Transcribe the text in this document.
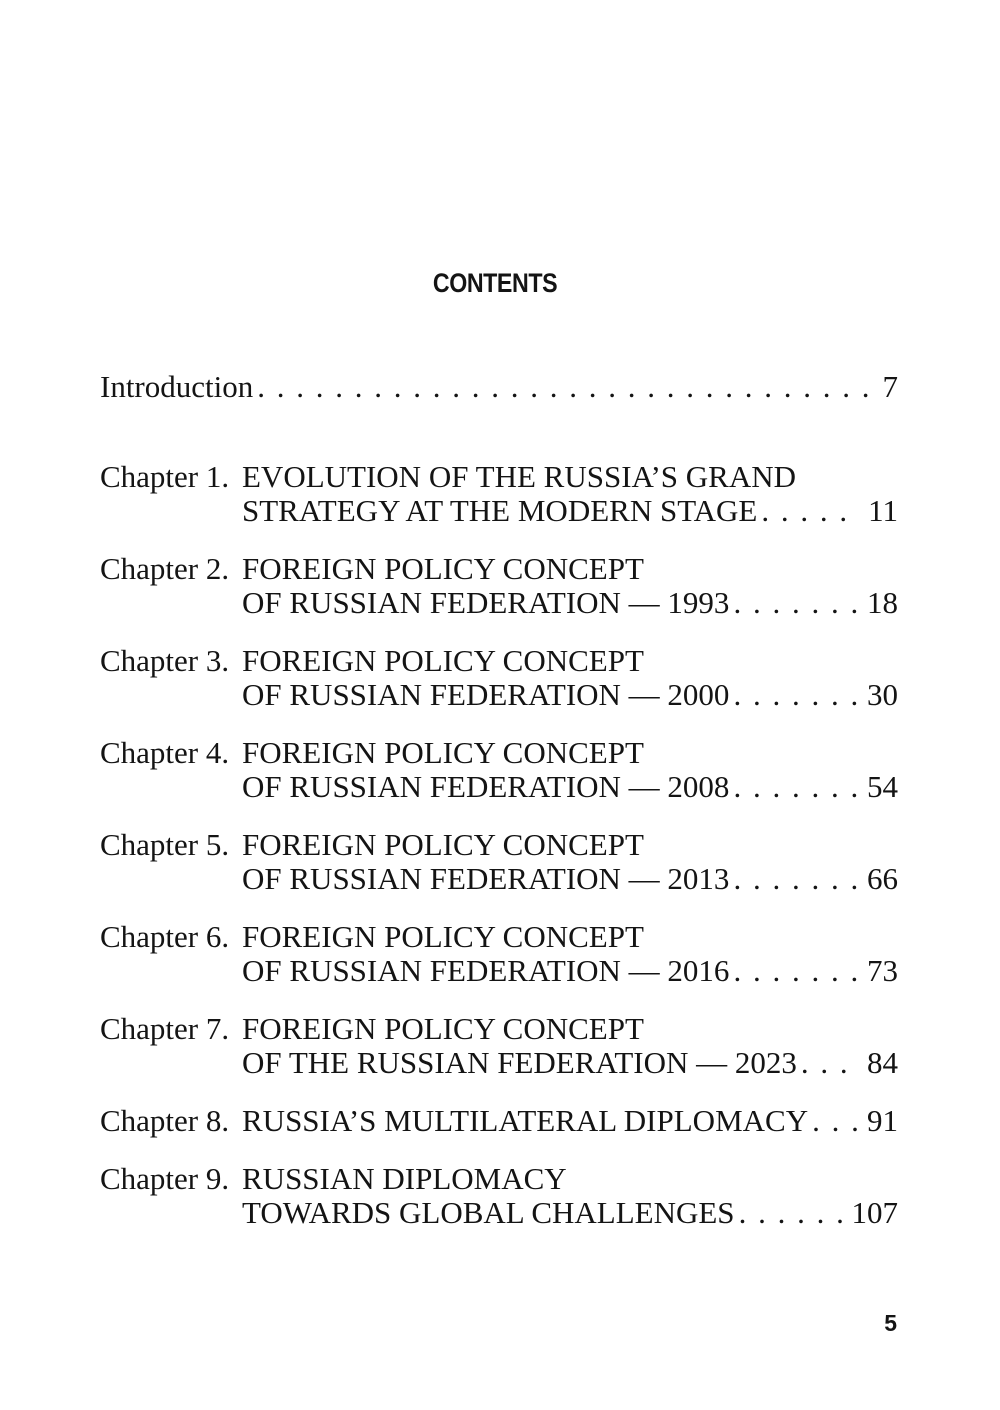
CONTENTS
Introduction . . .	7
Chapter 1. EVOLUTION OF THE RUSSIA’S GRAND
STRATEGY AT THE MODERN STAGE . . .	11
Chapter 2. FOREIGN POLICY CONCEPT
OF RUSSIAN FEDERATION — 1993 . . .	18
Chapter 3. FOREIGN POLICY CONCEPT
OF RUSSIAN FEDERATION — 2000 . . .	30
Chapter 4. FOREIGN POLICY CONCEPT
OF RUSSIAN FEDERATION — 2008 . . .	54
Chapter 5. FOREIGN POLICY CONCEPT
OF RUSSIAN FEDERATION — 2013 . . .	66
Chapter 6. FOREIGN POLICY CONCEPT
OF RUSSIAN FEDERATION — 2016 . . .	73
Chapter 7. FOREIGN POLICY CONCEPT
OF THE RUSSIAN FEDERATION — 2023 . . .	84
Chapter 8. RUSSIA’S MULTILATERAL DIPLOMACY . . .	91
Chapter 9. RUSSIAN DIPLOMACY
TOWARDS GLOBAL CHALLENGES . . .	107
5
